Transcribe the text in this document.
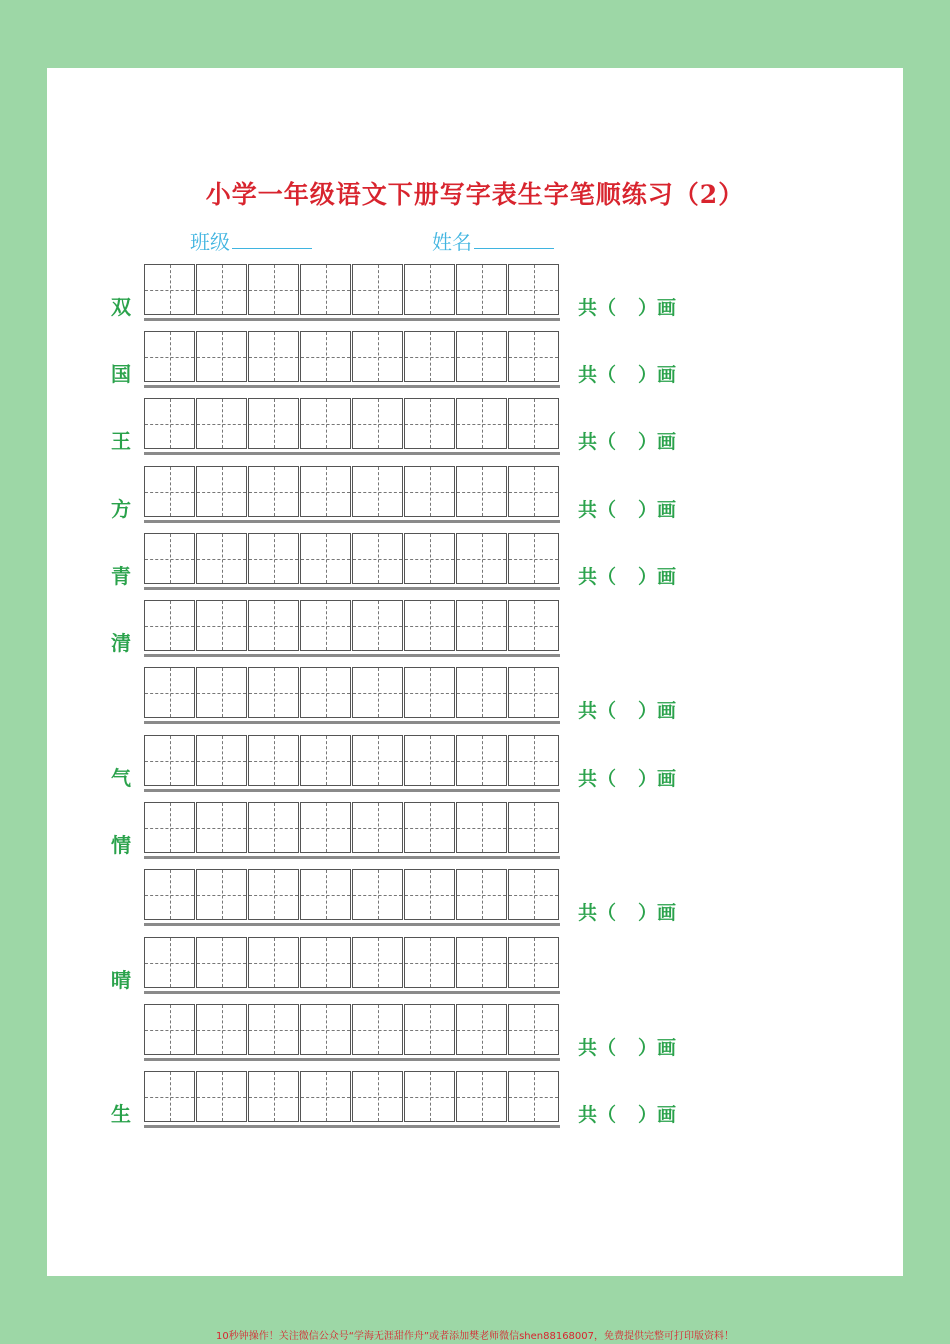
小学一年级语文下册写字表生字笔顺练习（2）
班级	姓名
双	共（ ）画
国	共（ ）画
王	共（ ）画
方	共（ ）画
青	共（ ）画
清
共（ ）画
气	共（ ）画
情
共（ ）画
晴
共（ ）画
生	共（ ）画
10秒钟操作！关注微信公众号“学海无涯甜作舟”或者添加樊老师微信shen88168007，免费提供完整可打印版资料！
